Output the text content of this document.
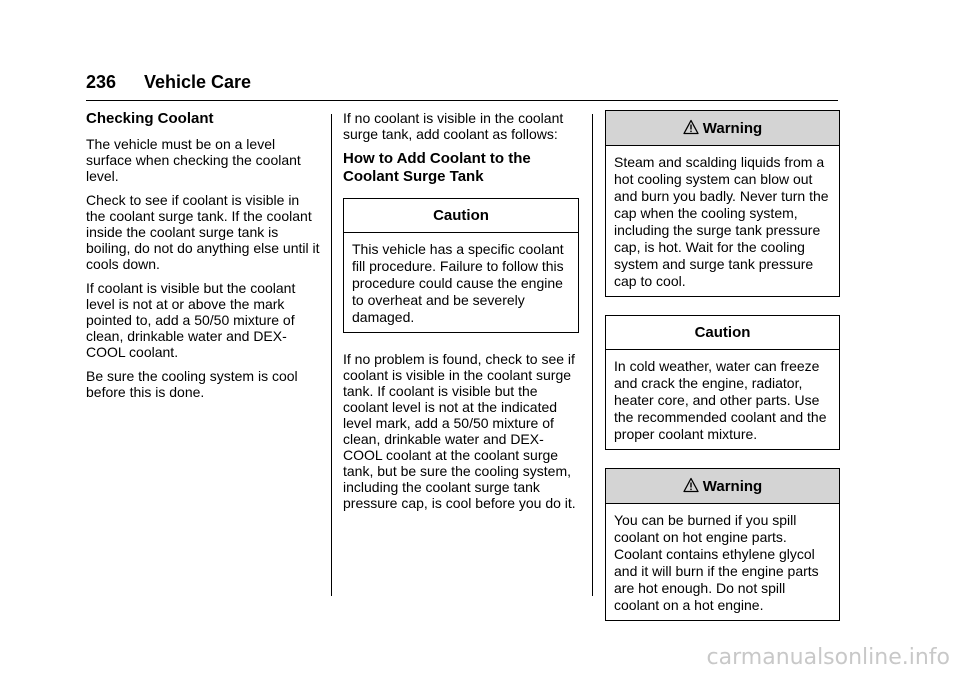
236 Vehicle Care
Checking Coolant

The vehicle must be on a level surface when checking the coolant level.

Check to see if coolant is visible in the coolant surge tank. If the coolant inside the coolant surge tank is boiling, do not do anything else until it cools down.

If coolant is visible but the coolant level is not at or above the mark pointed to, add a 50/50 mixture of clean, drinkable water and DEX-COOL coolant.

Be sure the cooling system is cool before this is done.

If no coolant is visible in the coolant surge tank, add coolant as follows:

How to Add Coolant to the Coolant Surge Tank
Caution
This vehicle has a specific coolant fill procedure. Failure to follow this procedure could cause the engine to overheat and be severely damaged.

If no problem is found, check to see if coolant is visible in the coolant surge tank. If coolant is visible but the coolant level is not at the indicated level mark, add a 50/50 mixture of clean, drinkable water and DEX-COOL coolant at the coolant surge tank, but be sure the cooling system, including the coolant surge tank pressure cap, is cool before you do it.

Warning
Steam and scalding liquids from a hot cooling system can blow out and burn you badly. Never turn the cap when the cooling system, including the surge tank pressure cap, is hot. Wait for the cooling system and surge tank pressure cap to cool.
Caution
In cold weather, water can freeze and crack the engine, radiator, heater core, and other parts. Use the recommended coolant and the proper coolant mixture.
Warning
You can be burned if you spill coolant on hot engine parts. Coolant contains ethylene glycol and it will burn if the engine parts are hot enough. Do not spill coolant on a hot engine.
carmanualsonline.info
